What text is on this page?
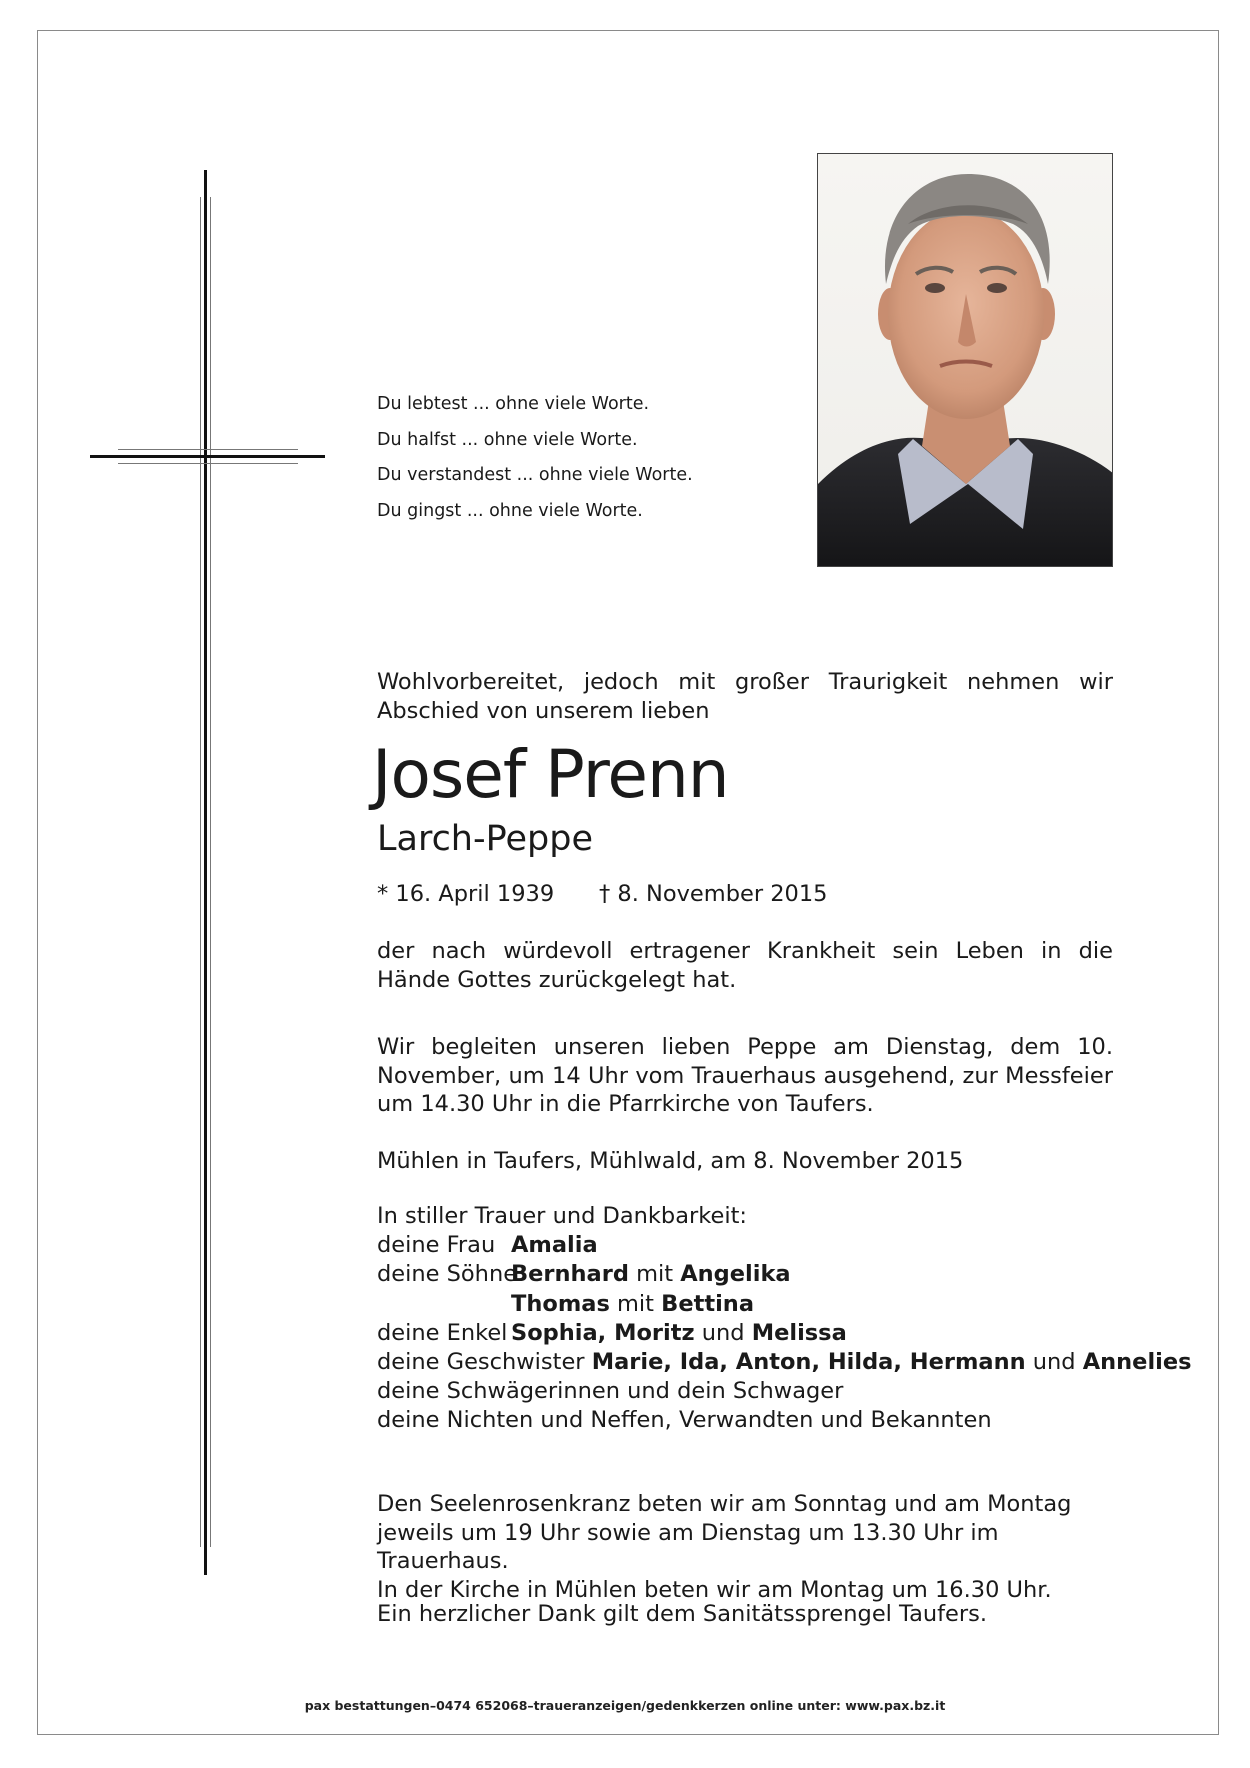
Du lebtest ... ohne viele Worte.
Du halfst ... ohne viele Worte.
Du verstandest ... ohne viele Worte.
Du gingst ... ohne viele Worte.

Wohlvorbereitet, jedoch mit großer Traurigkeit nehmen wir Abschied von unserem lieben

Josef Prenn
Larch-Peppe
* 16. April 1939 † 8. November 2015

der nach würdevoll ertragener Krankheit sein Leben in die Hände Gottes zurückgelegt hat.

Wir begleiten unseren lieben Peppe am Dienstag, dem 10. November, um 14 Uhr vom Trauerhaus ausgehend, zur Messfeier um 14.30 Uhr in die Pfarrkirche von Taufers.

Mühlen in Taufers, Mühlwald, am 8. November 2015

In stiller Trauer und Dankbarkeit:
deine Frau Amalia
deine Söhne
Bernhard mit Angelika
Thomas mit Bettina
deine Enkel Sophia, Moritz und Melissa
deine Geschwister Marie, Ida, Anton, Hilda, Hermann und Annelies
deine Schwägerinnen und dein Schwager
deine Nichten und Neffen, Verwandten und Bekannten
Den Seelenrosenkranz beten wir am Sonntag und am Montag
jeweils um 19 Uhr sowie am Dienstag um 13.30 Uhr im Trauerhaus.
In der Kirche in Mühlen beten wir am Montag um 16.30 Uhr.

Ein herzlicher Dank gilt dem Sanitätssprengel Taufers.

pax bestattungen–0474 652068–traueranzeigen/gedenkkerzen online unter: www.pax.bz.it
